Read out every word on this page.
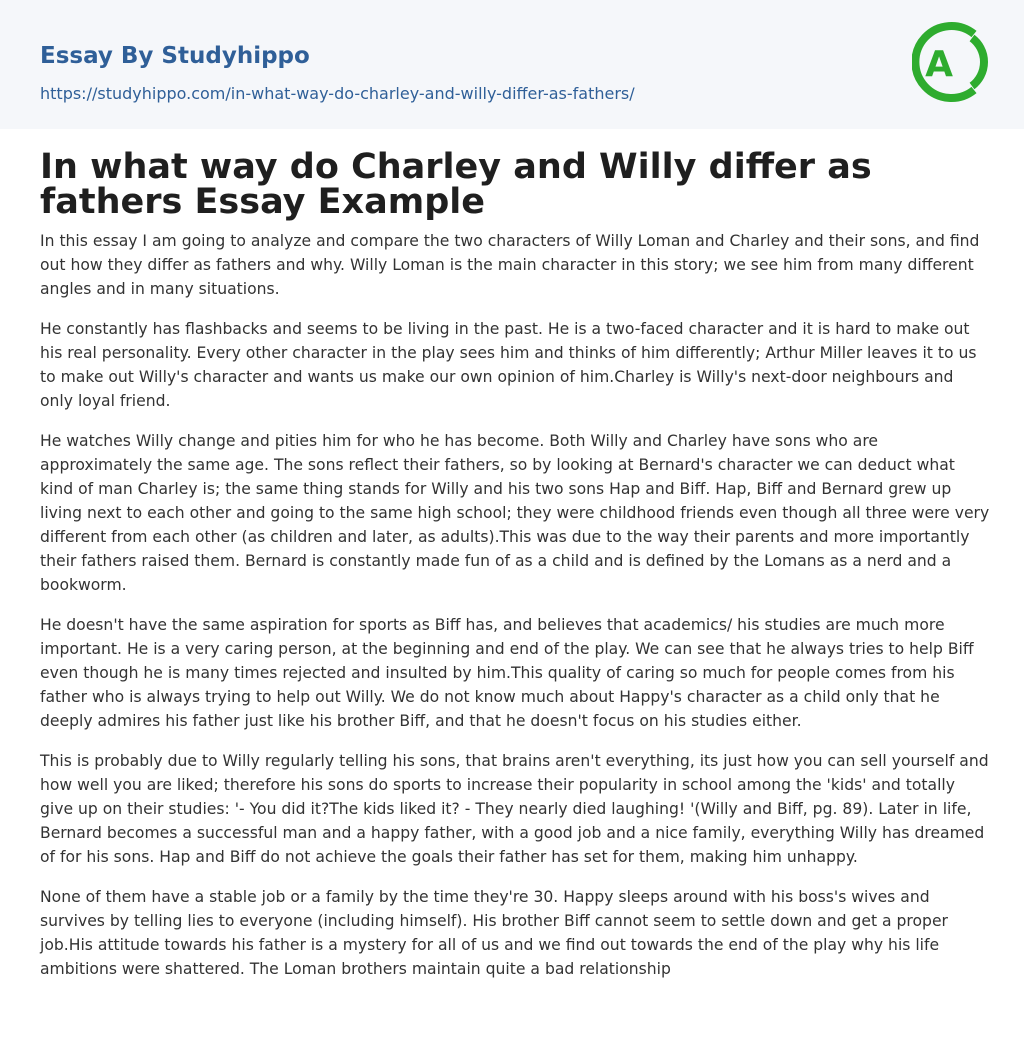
Essay By Studyhippo
https://studyhippo.com/in-what-way-do-charley-and-willy-differ-as-fathers/
A
In what way do Charley and Willy differ as fathers Essay Example

In this essay I am going to analyze and compare the two characters of Willy Loman and Charley and their sons, and find out how they differ as fathers and why. Willy Loman is the main character in this story; we see him from many different angles and in many situations.

He constantly has flashbacks and seems to be living in the past. He is a two-faced character and it is hard to make out his real personality. Every other character in the play sees him and thinks of him differently; Arthur Miller leaves it to us to make out Willy's character and wants us make our own opinion of him.Charley is Willy's next-door neighbours and only loyal friend.

He watches Willy change and pities him for who he has become. Both Willy and Charley have sons who are approximately the same age. The sons reflect their fathers, so by looking at Bernard's character we can deduct what kind of man Charley is; the same thing stands for Willy and his two sons Hap and Biff. Hap, Biff and Bernard grew up living next to each other and going to the same high school; they were childhood friends even though all three were very different from each other (as children and later, as adults).This was due to the way their parents and more importantly their fathers raised them. Bernard is constantly made fun of as a child and is defined by the Lomans as a nerd and a bookworm.

He doesn't have the same aspiration for sports as Biff has, and believes that academics/ his studies are much more important. He is a very caring person, at the beginning and end of the play. We can see that he always tries to help Biff even though he is many times rejected and insulted by him.This quality of caring so much for people comes from his father who is always trying to help out Willy. We do not know much about Happy's character as a child only that he deeply admires his father just like his brother Biff, and that he doesn't focus on his studies either.

This is probably due to Willy regularly telling his sons, that brains aren't everything, its just how you can sell yourself and how well you are liked; therefore his sons do sports to increase their popularity in school among the 'kids' and totally give up on their studies: '- You did it?The kids liked it? - They nearly died laughing! '(Willy and Biff, pg. 89). Later in life, Bernard becomes a successful man and a happy father, with a good job and a nice family, everything Willy has dreamed of for his sons. Hap and Biff do not achieve the goals their father has set for them, making him unhappy.

None of them have a stable job or a family by the time they're 30. Happy sleeps around with his boss's wives and survives by telling lies to everyone (including himself). His brother Biff cannot seem to settle down and get a proper job.His attitude towards his father is a mystery for all of us and we find out towards the end of the play why his life ambitions were shattered. The Loman brothers maintain quite a bad relationship
